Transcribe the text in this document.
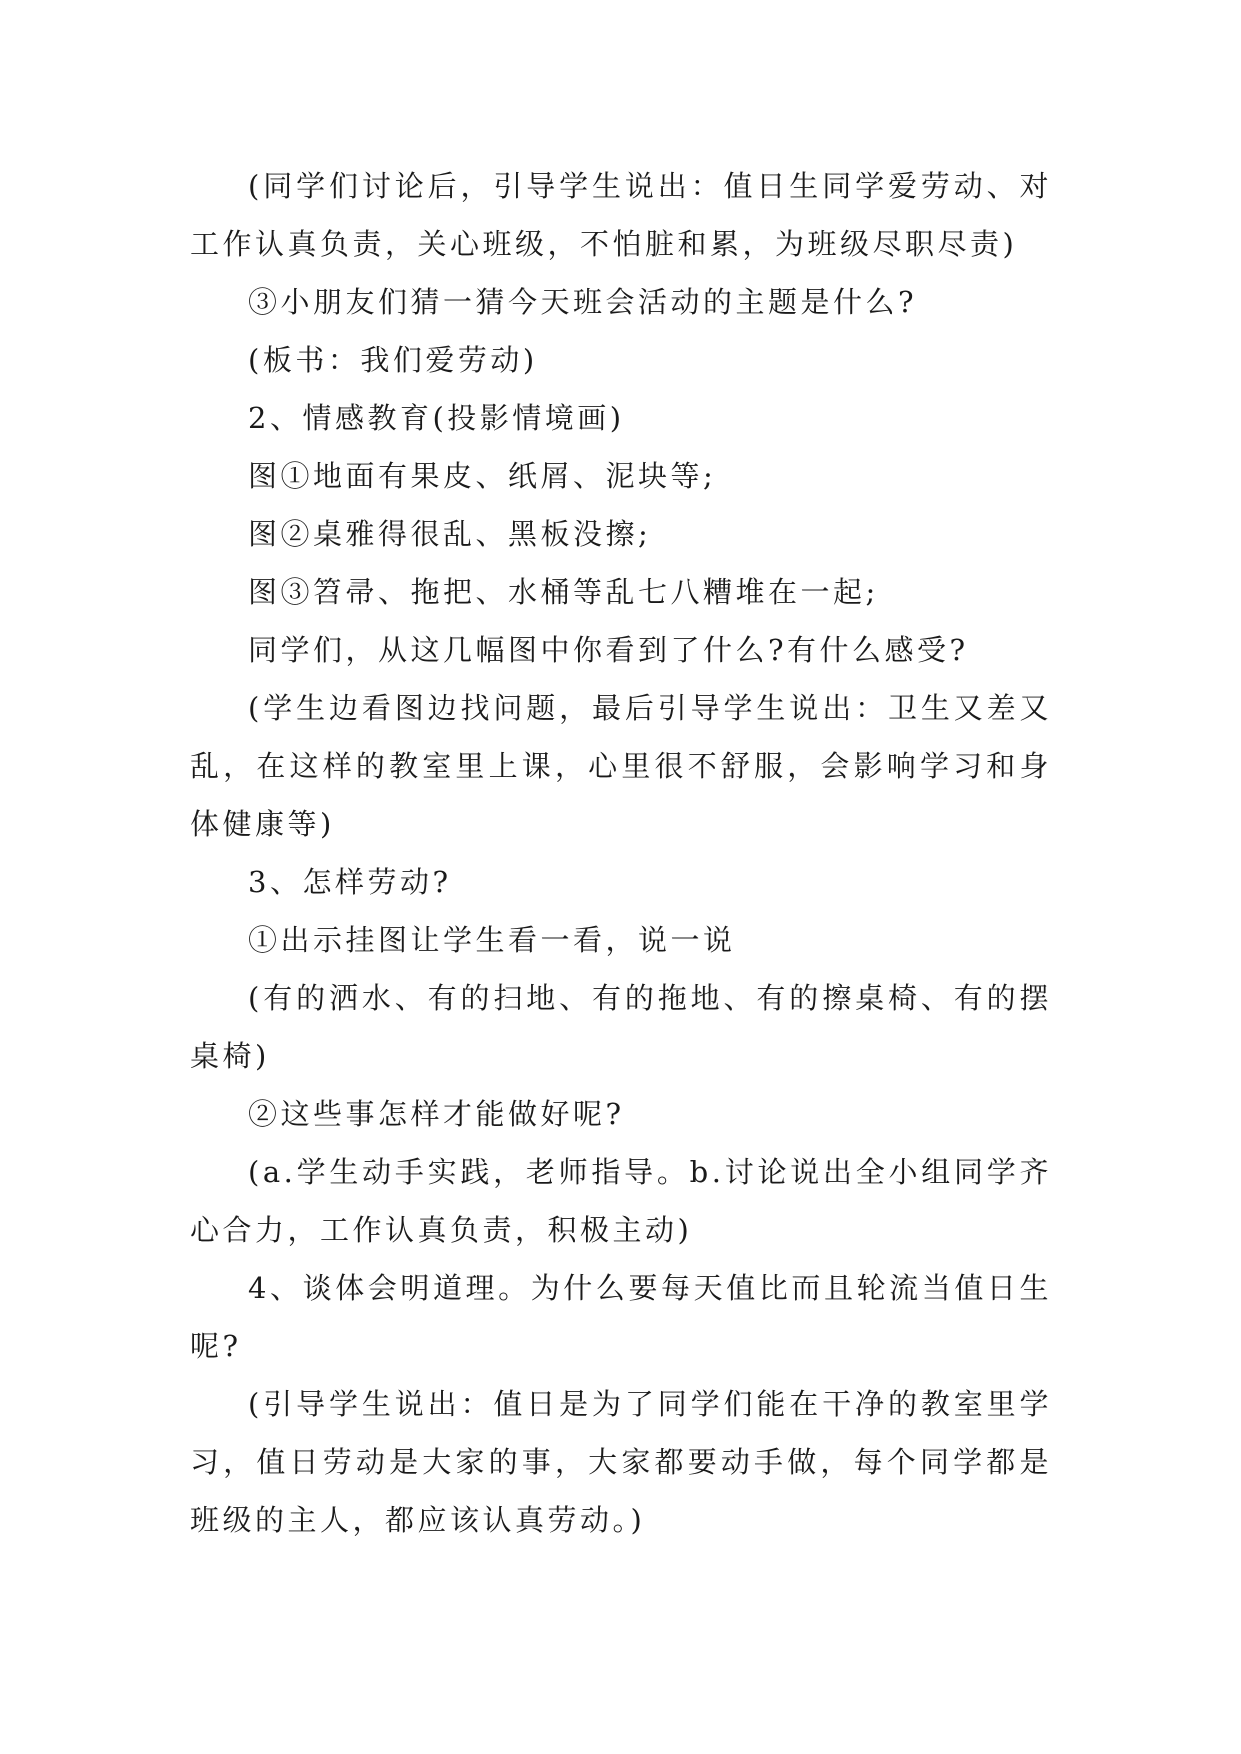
(同学们讨论后，引导学生说出：值日生同学爱劳动、对工作认真负责，关心班级，不怕脏和累，为班级尽职尽责)

③小朋友们猜一猜今天班会活动的主题是什么?

(板书：我们爱劳动)

2、情感教育(投影情境画)

图①地面有果皮、纸屑、泥块等;

图②桌雅得很乱、黑板没擦;

图③笤帚、拖把、水桶等乱七八糟堆在一起;

同学们，从这几幅图中你看到了什么?有什么感受?

(学生边看图边找问题，最后引导学生说出：卫生又差又乱，在这样的教室里上课，心里很不舒服，会影响学习和身体健康等)

3、怎样劳动?

①出示挂图让学生看一看，说一说

(有的洒水、有的扫地、有的拖地、有的擦桌椅、有的摆桌椅)

②这些事怎样才能做好呢?

(a.学生动手实践，老师指导。b.讨论说出全小组同学齐心合力，工作认真负责，积极主动)

4、谈体会明道理。为什么要每天值比而且轮流当值日生呢?

(引导学生说出：值日是为了同学们能在干净的教室里学习，值日劳动是大家的事，大家都要动手做，每个同学都是班级的主人，都应该认真劳动。)
